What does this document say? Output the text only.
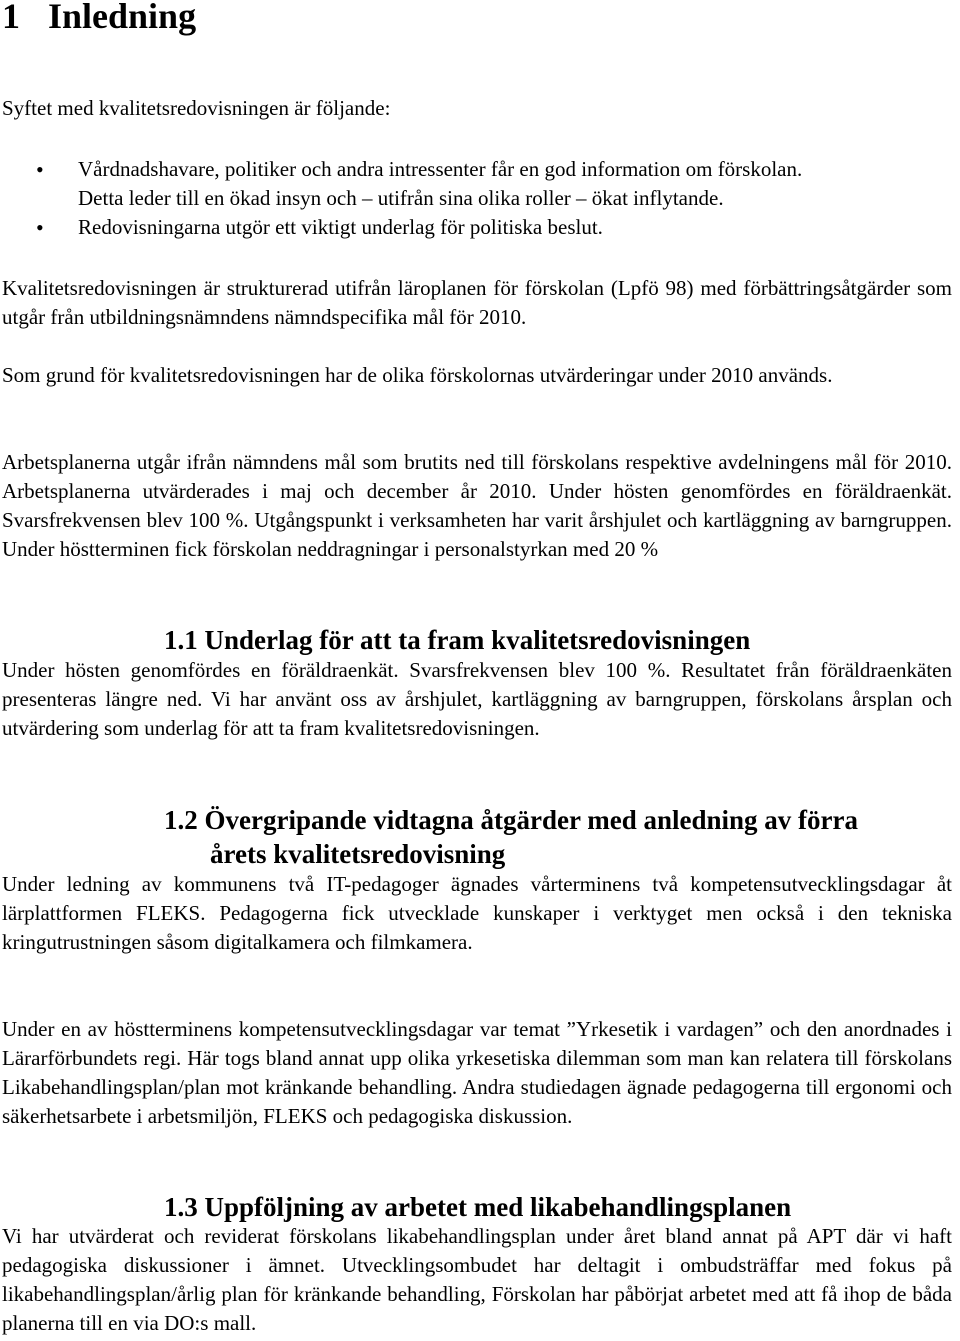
1 Inledning

Syftet med kvalitetsredovisningen är följande:

• Vårdnadshavare, politiker och andra intressenter får en god information om förskolan.
Detta leder till en ökad insyn och – utifrån sina olika roller – ökat inflytande.
• Redovisningarna utgör ett viktigt underlag för politiska beslut.

Kvalitetsredovisningen är strukturerad utifrån läroplanen för förskolan (Lpfö 98) med förbättringsåtgärder som utgår från utbildningsnämndens nämndspecifika mål för 2010.

Som grund för kvalitetsredovisningen har de olika förskolornas utvärderingar under 2010 används.

Arbetsplanerna utgår ifrån nämndens mål som brutits ned till förskolans respektive avdelningens mål för 2010. Arbetsplanerna utvärderades i maj och december år 2010. Under hösten genomfördes en föräldraenkät. Svarsfrekvensen blev 100 %. Utgångspunkt i verksamheten har varit årshjulet och kartläggning av barngruppen. Under höstterminen fick förskolan neddragningar i personalstyrkan med 20 %

1.1 Underlag för att ta fram kvalitetsredovisningen

Under hösten genomfördes en föräldraenkät. Svarsfrekvensen blev 100 %. Resultatet från föräldraenkäten presenteras längre ned. Vi har använt oss av årshjulet, kartläggning av barngruppen, förskolans årsplan och utvärdering som underlag för att ta fram kvalitetsredovisningen.

1.2 Övergripande vidtagna åtgärder med anledning av förra
årets kvalitetsredovisning

Under ledning av kommunens två IT-pedagoger ägnades vårterminens två kompetensutvecklingsdagar åt lärplattformen FLEKS. Pedagogerna fick utvecklade kunskaper i verktyget men också i den tekniska kringutrustningen såsom digitalkamera och filmkamera.

Under en av höstterminens kompetensutvecklingsdagar var temat ”Yrkesetik i vardagen” och den anordnades i Lärarförbundets regi. Här togs bland annat upp olika yrkesetiska dilemman som man kan relatera till förskolans Likabehandlingsplan/plan mot kränkande behandling. Andra studiedagen ägnade pedagogerna till ergonomi och säkerhetsarbete i arbetsmiljön, FLEKS och pedagogiska diskussion.

1.3 Uppföljning av arbetet med likabehandlingsplanen

Vi har utvärderat och reviderat förskolans likabehandlingsplan under året bland annat på APT där vi haft pedagogiska diskussioner i ämnet. Utvecklingsombudet har deltagit i ombudsträffar med fokus på likabehandlingsplan/årlig plan för kränkande behandling, Förskolan har påbörjat arbetet med att få ihop de båda planerna till en via DO:s mall.
